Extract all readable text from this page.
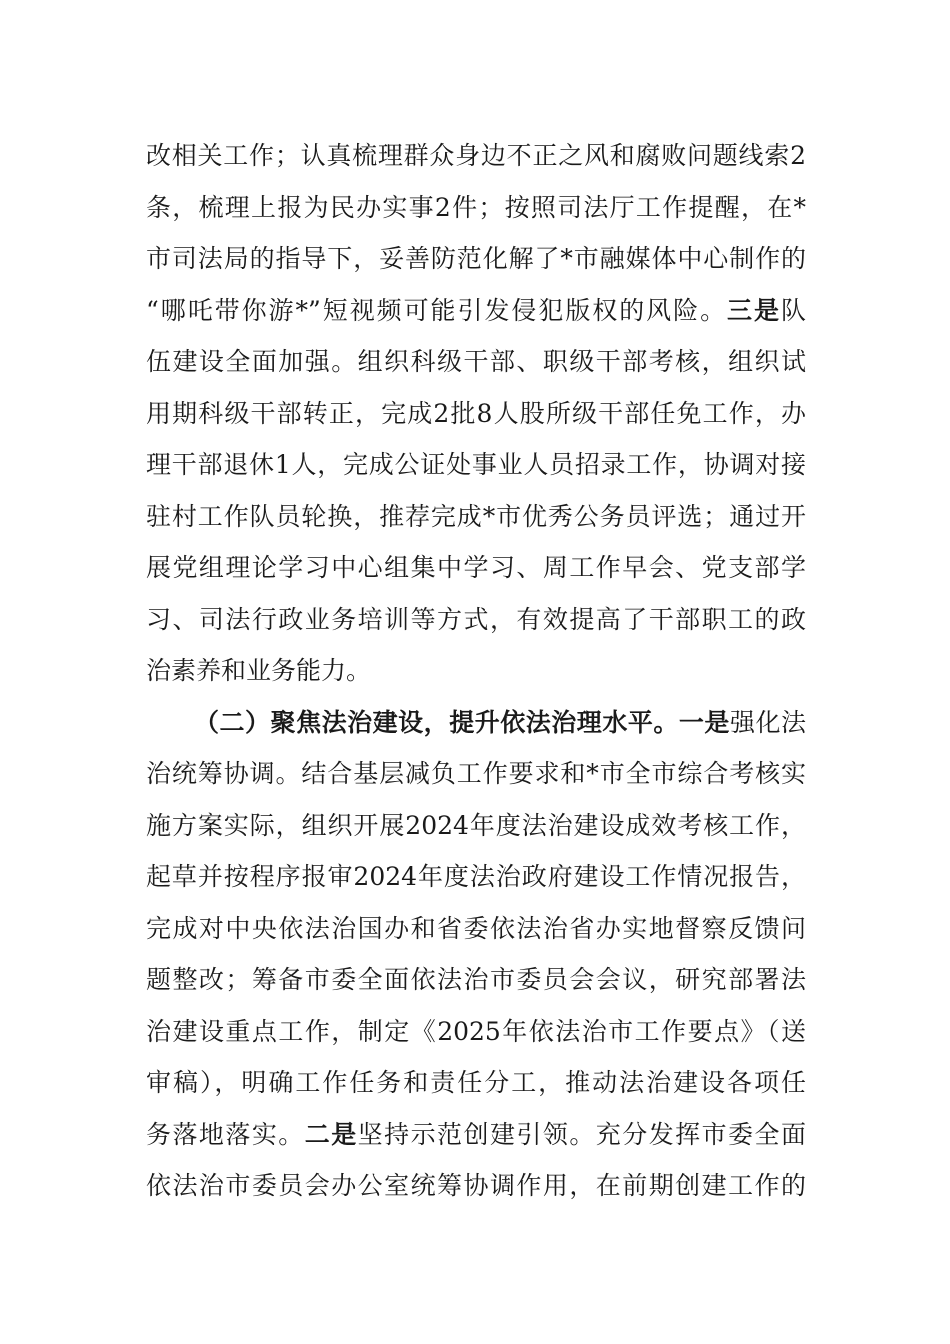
改相关工作；认真梳理群众身边不正之风和腐败问题线索2
条，梳理上报为民办实事2件；按照司法厅工作提醒，在*
市司法局的指导下，妥善防范化解了*市融媒体中心制作的
“哪吒带你游*”短视频可能引发侵犯版权的风险。三是队
伍建设全面加强。组织科级干部、职级干部考核，组织试
用期科级干部转正，完成2批8人股所级干部任免工作，办
理干部退休1人，完成公证处事业人员招录工作，协调对接
驻村工作队员轮换，推荐完成*市优秀公务员评选；通过开
展党组理论学习中心组集中学习、周工作早会、党支部学
习、司法行政业务培训等方式，有效提高了干部职工的政
治素养和业务能力。
（二）聚焦法治建设，提升依法治理水平。一是强化法
治统筹协调。结合基层减负工作要求和*市全市综合考核实
施方案实际，组织开展2024年度法治建设成效考核工作，
起草并按程序报审2024年度法治政府建设工作情况报告，
完成对中央依法治国办和省委依法治省办实地督察反馈问
题整改；筹备市委全面依法治市委员会会议，研究部署法
治建设重点工作，制定《2025年依法治市工作要点》（送
审稿），明确工作任务和责任分工，推动法治建设各项任
务落地落实。二是坚持示范创建引领。充分发挥市委全面
依法治市委员会办公室统筹协调作用，在前期创建工作的
